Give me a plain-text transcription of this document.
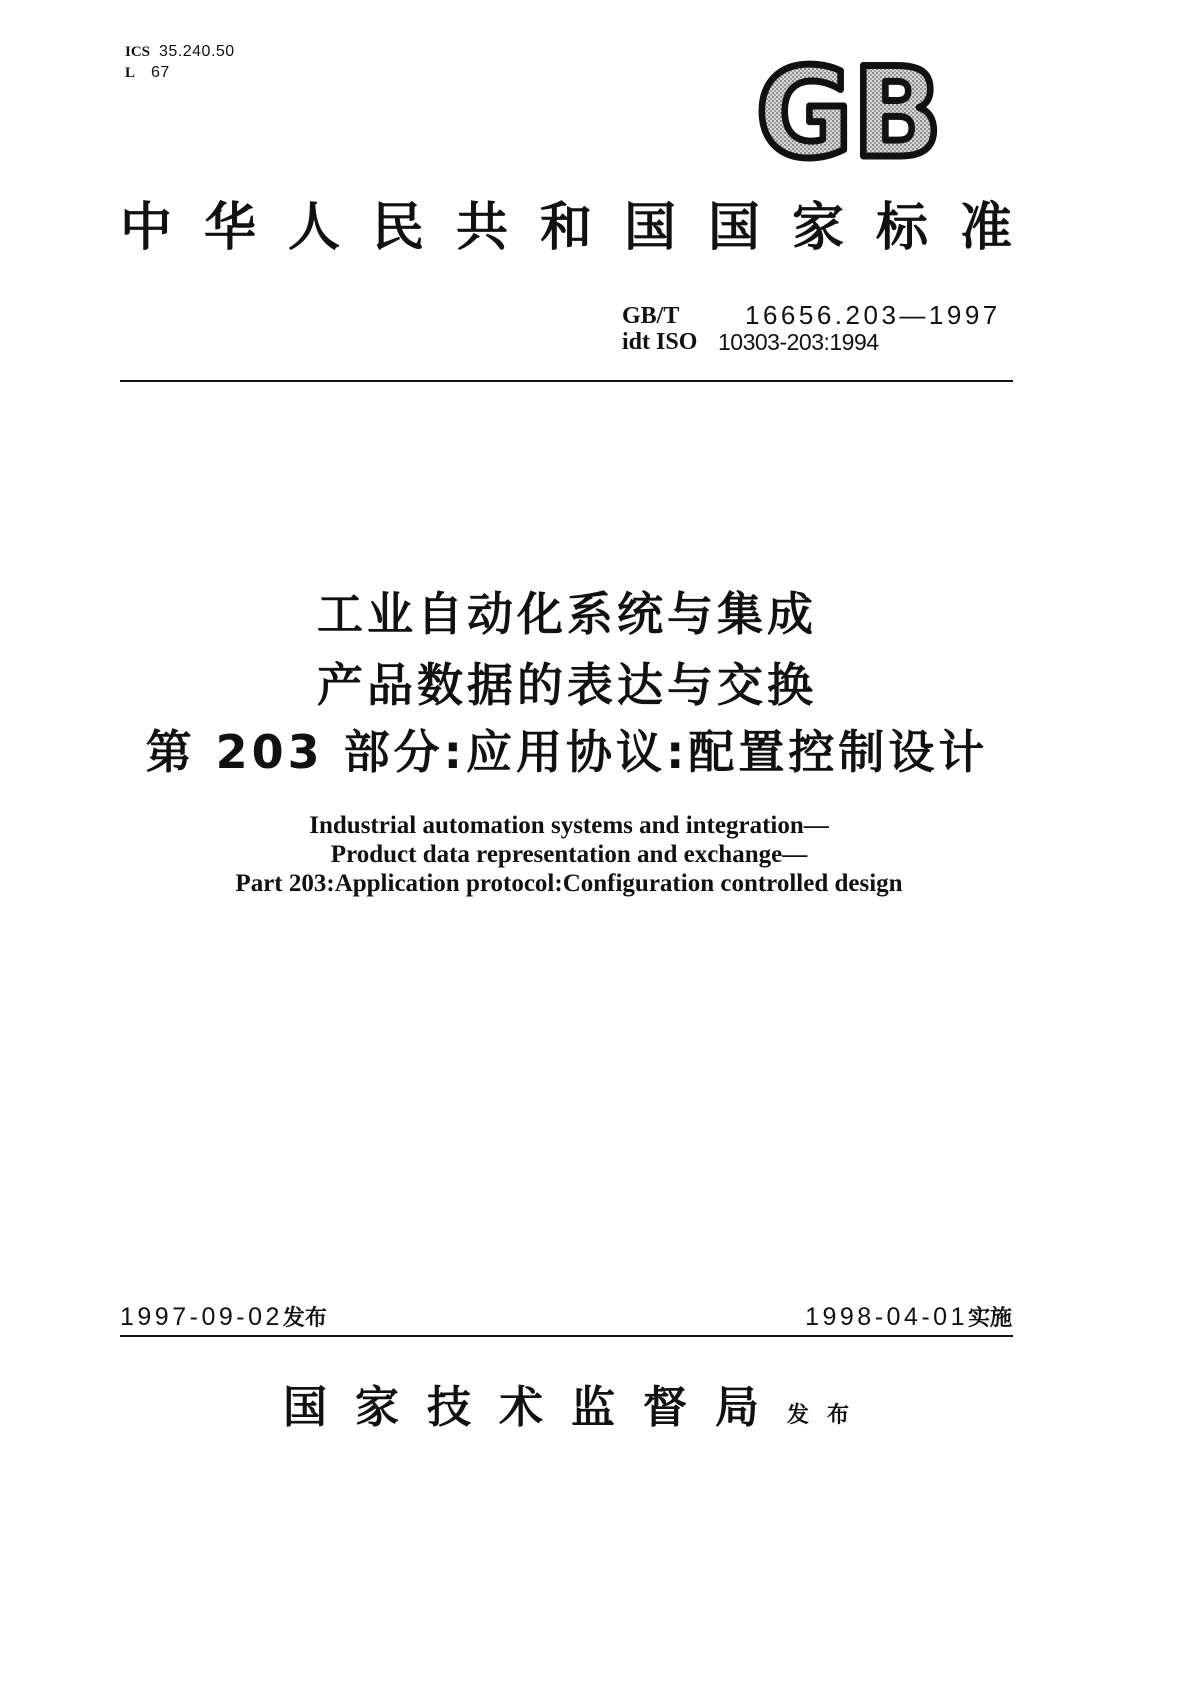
ICS 35.240.50
L 67	GB
中华人民共和国国家标准
GB/T	16656.203—1997
idt ISO 10303-203:1994
工业自动化系统与集成
产品数据的表达与交换
第 203 部分:应用协议:配置控制设计
Industrial automation systems and integration—
Product data representation and exchange—
Part 203:Application protocol:Configuration controlled design
1997-09-02发布	1998-04-01实施
国家技术监督局发布
